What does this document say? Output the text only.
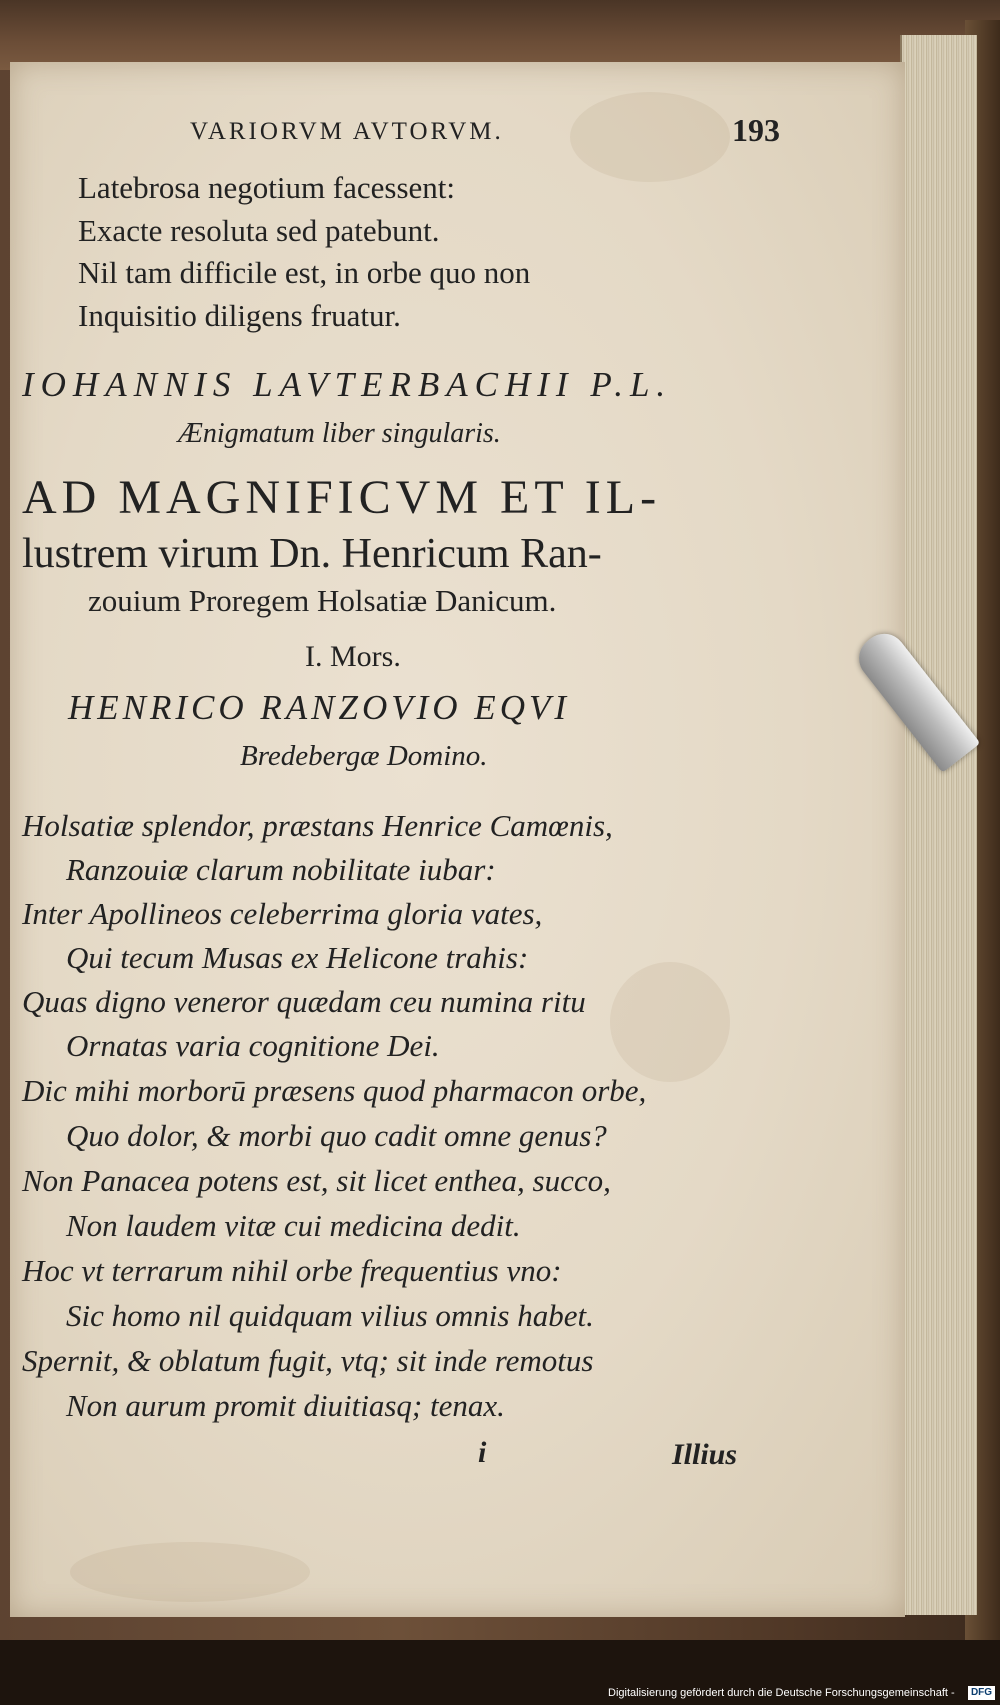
VARIORVM AVTORVM.	193
Latebrosa negotium facessent:
Exacte resoluta sed patebunt.
Nil tam difficile est, in orbe quo non
Inquisitio diligens fruatur.
IOHANNIS LAVTERBACHII P.L.
Ænigmatum liber singularis.
AD MAGNIFICVM ET IL-
lustrem virum Dn. Henricum Ran-
zouium Proregem Holsatiæ Danicum.
I. Mors.
HENRICO RANZOVIO EQVI
Bredebergæ Domino.
Holsatiæ splendor, præstans Henrice Camœnis,
Ranzouiæ clarum nobilitate iubar:
Inter Apollineos celeberrima gloria vates,
Qui tecum Musas ex Helicone trahis:
Quas digno veneror quædam ceu numina ritu
Ornatas varia cognitione Dei.
Dic mihi morborū præsens quod pharmacon orbe,
Quo dolor, & morbi quo cadit omne genus?
Non Panacea potens est, sit licet enthea, succo,
Non laudem vitæ cui medicina dedit.
Hoc vt terrarum nihil orbe frequentius vno:
Sic homo nil quidquam vilius omnis habet.
Spernit, & oblatum fugit, vtq; sit inde remotus
Non aurum promit diuitiasq; tenax.
i	Illius
Digitalisierung gefördert durch die Deutsche Forschungsgemeinschaft - DFG
